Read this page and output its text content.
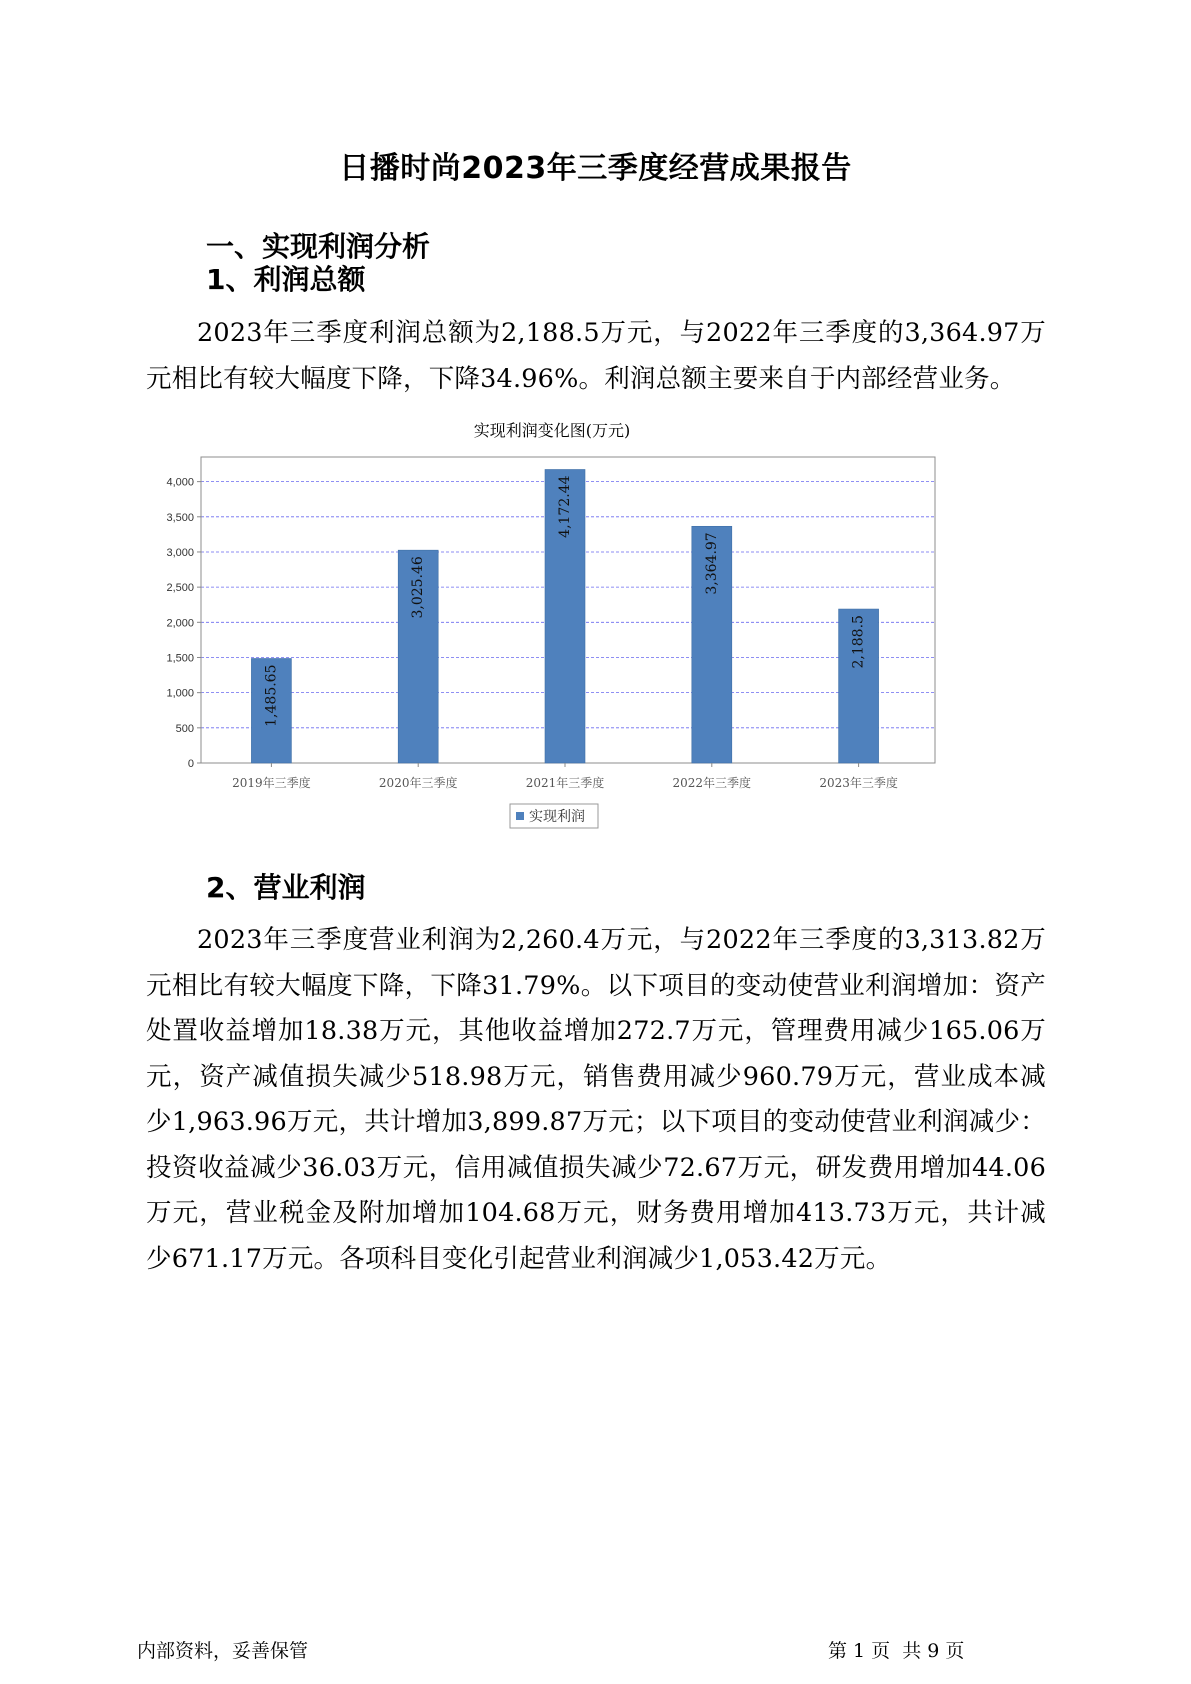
日播时尚2023年三季度经营成果报告
一、实现利润分析
1、利润总额
2023年三季度利润总额为2,188.5万元，与2022年三季度的3,364.97万元相比有较大幅度下降，下降34.96%。利润总额主要来自于内部经营业务。
实现利润变化图(万元)
0
500
1,000
1,500
2,000
2,500
3,000
3,500
4,000
1,485.65
3,025.46
4,172.44
3,364.97
2,188.5
2019年三季度	2020年三季度	2021年三季度	2022年三季度	2023年三季度
实现利润
2、营业利润
2023年三季度营业利润为2,260.4万元，与2022年三季度的3,313.82万元相比有较大幅度下降，下降31.79%。以下项目的变动使营业利润增加：资产处置收益增加18.38万元，其他收益增加272.7万元，管理费用减少165.06万元，资产减值损失减少518.98万元，销售费用减少960.79万元，营业成本减少1,963.96万元，共计增加3,899.87万元；以下项目的变动使营业利润减少：投资收益减少36.03万元，信用减值损失减少72.67万元，研发费用增加44.06万元，营业税金及附加增加104.68万元，财务费用增加413.73万元，共计减少671.17万元。各项科目变化引起营业利润减少1,053.42万元。
内部资料，妥善保管	第 1 页  共 9 页
